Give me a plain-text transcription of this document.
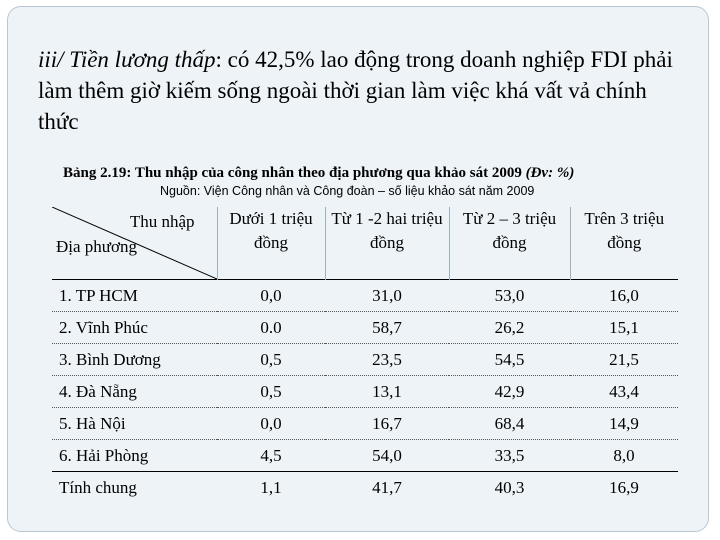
iii/ Tiền lương thấp: có 42,5% lao động trong doanh nghiệp FDI phải làm thêm giờ kiếm sống ngoài thời gian làm việc khá vất vả chính thức
Bảng 2.19: Thu nhập của công nhân theo địa phương qua khảo sát 2009 (Đv: %)
Nguồn: Viện Công nhân và Công đoàn – số liệu khảo sát năm 2009
Thu nhập
Địa phương	Dưới 1 triệu đồng	Từ 1 -2 hai triệu đồng	Từ 2 – 3 triệu đồng	Trên 3 triệu đồng
1. TP HCM	0,0	31,0	53,0	16,0
2. Vĩnh Phúc	0.0	58,7	26,2	15,1
3. Bình Dương	0,5	23,5	54,5	21,5
4. Đà Nẵng	0,5	13,1	42,9	43,4
5. Hà Nội	0,0	16,7	68,4	14,9
6. Hải Phòng	4,5	54,0	33,5	8,0
Tính chung	1,1	41,7	40,3	16,9
